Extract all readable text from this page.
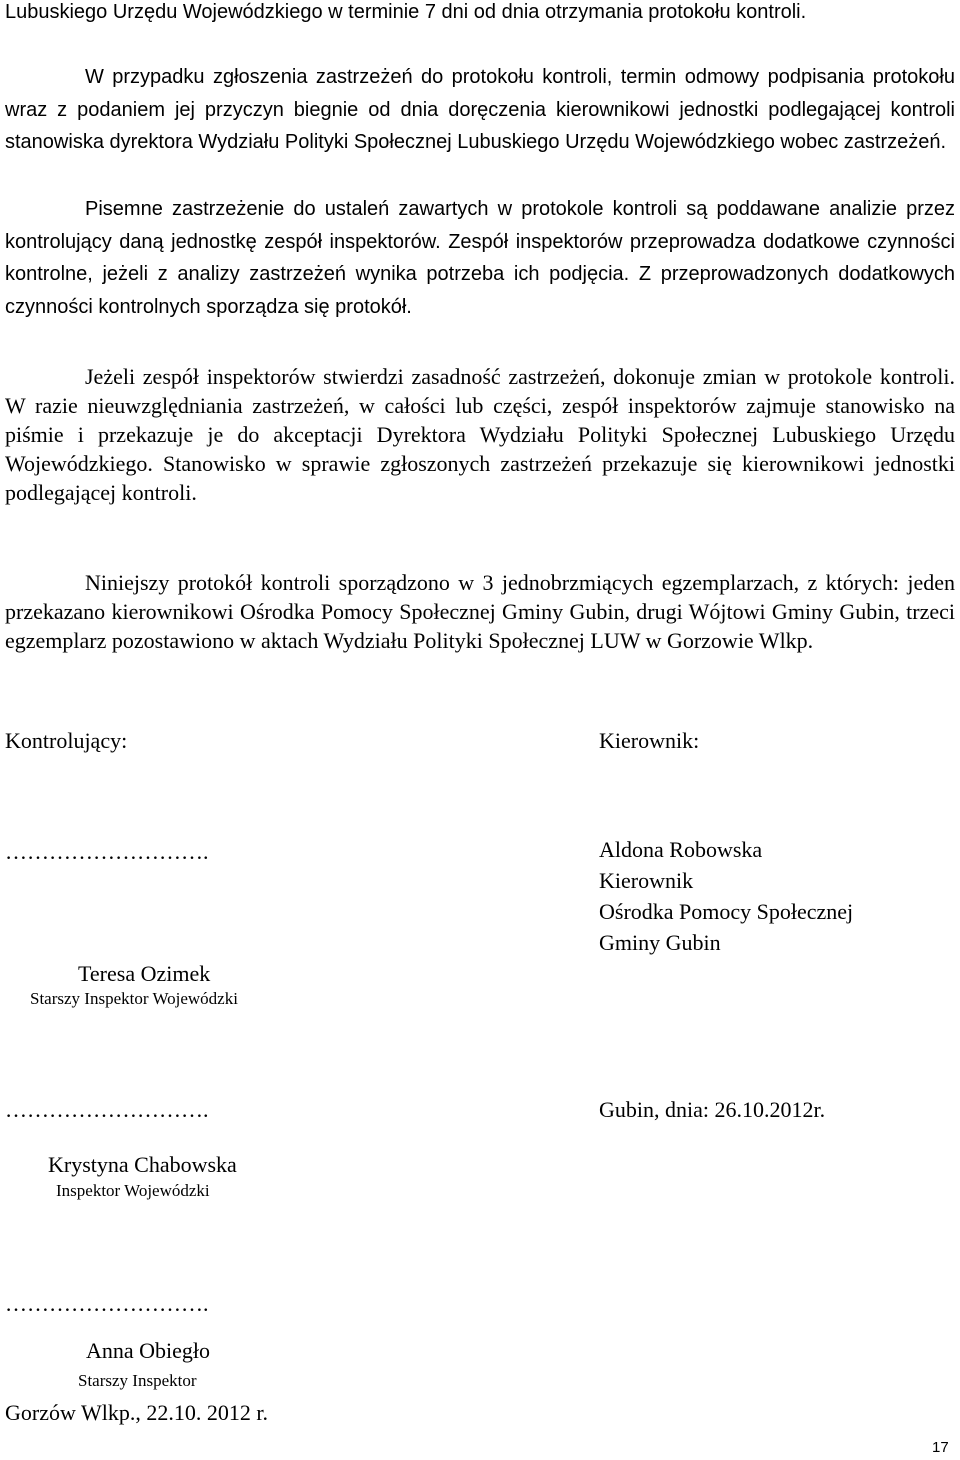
Lubuskiego Urzędu Wojewódzkiego w terminie 7 dni od dnia otrzymania protokołu kontroli.

W przypadku zgłoszenia zastrzeżeń do protokołu kontroli, termin odmowy podpisania protokołu wraz z podaniem jej przyczyn biegnie od dnia doręczenia kierownikowi jednostki podlegającej kontroli stanowiska dyrektora Wydziału Polityki Społecznej Lubuskiego Urzędu Wojewódzkiego wobec zastrzeżeń.

Pisemne zastrzeżenie do ustaleń zawartych w protokole kontroli są poddawane analizie przez kontrolujący daną jednostkę zespół inspektorów. Zespół inspektorów przeprowadza dodatkowe czynności kontrolne, jeżeli z analizy zastrzeżeń wynika potrzeba ich podjęcia. Z przeprowadzonych dodatkowych czynności kontrolnych sporządza się protokół.

Jeżeli zespół inspektorów stwierdzi zasadność zastrzeżeń, dokonuje zmian w protokole kontroli. W razie nieuwzględniania zastrzeżeń, w całości lub części, zespół inspektorów zajmuje stanowisko na piśmie i przekazuje je do akceptacji Dyrektora Wydziału Polityki Społecznej Lubuskiego Urzędu Wojewódzkiego. Stanowisko w sprawie zgłoszonych zastrzeżeń przekazuje się kierownikowi jednostki podlegającej kontroli.

Niniejszy protokół kontroli sporządzono w 3 jednobrzmiących egzemplarzach, z których: jeden przekazano kierownikowi Ośrodka Pomocy Społecznej Gminy Gubin, drugi Wójtowi Gminy Gubin, trzeci egzemplarz pozostawiono w aktach Wydziału Polityki Społecznej LUW w Gorzowie Wlkp.

Kontrolujący:	Kierownik:
……………………….	Aldona Robowska
Kierownik
Ośrodka Pomocy Społecznej
Gminy Gubin
Teresa Ozimek
Starszy Inspektor Wojewódzki
……………………….	Gubin, dnia: 26.10.2012r.
Krystyna Chabowska
Inspektor Wojewódzki
……………………….
Anna Obiegło
Starszy Inspektor
Gorzów Wlkp., 22.10. 2012 r.
17
